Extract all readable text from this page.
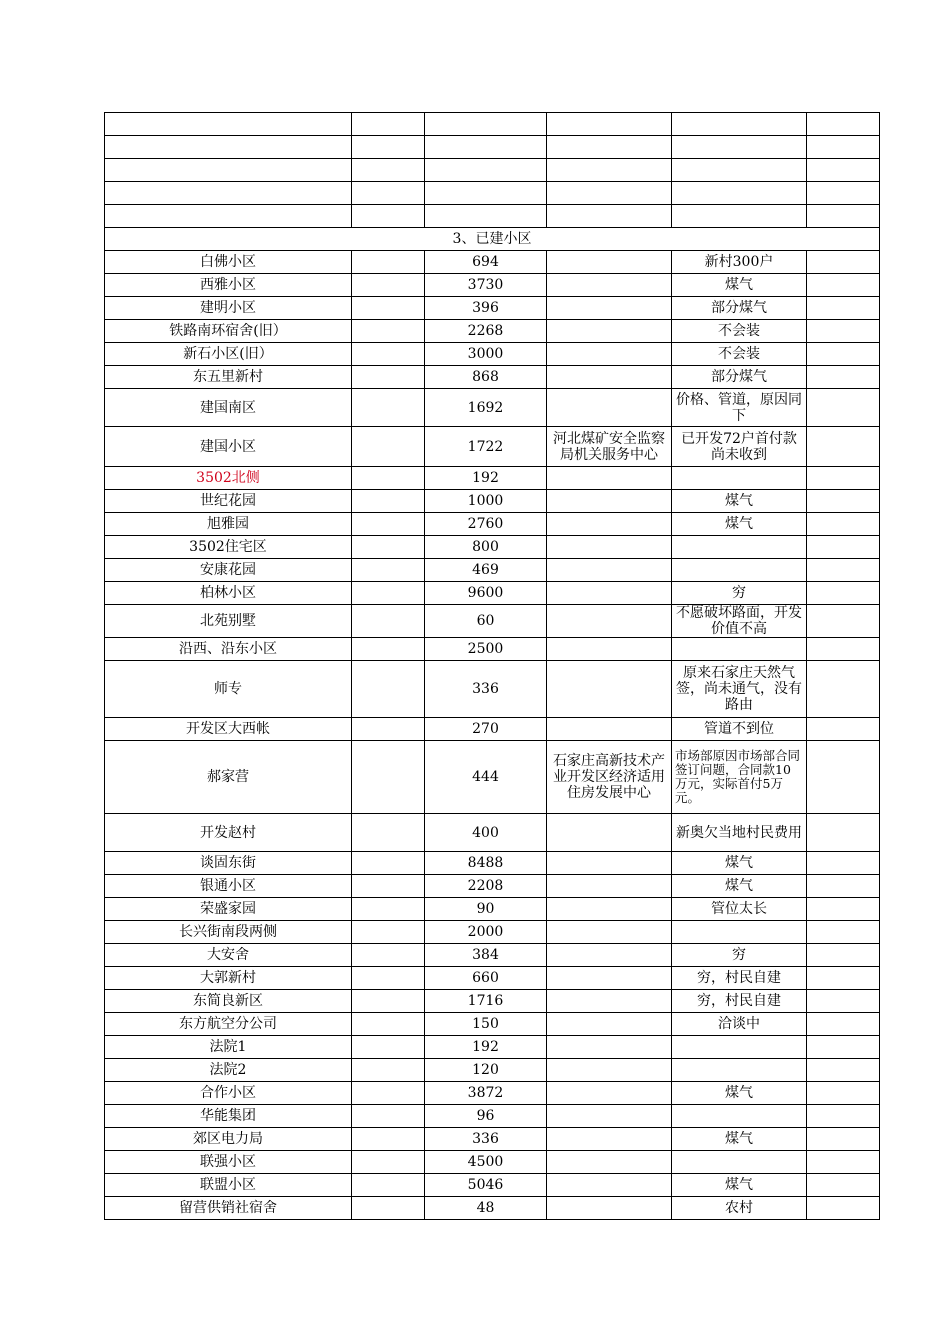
3、已建小区					
白佛小区		694		新村300户	
西雅小区		3730		煤气	
建明小区		396		部分煤气	
铁路南环宿舍(旧）		2268		不会装	
新石小区(旧）		3000		不会装	
东五里新村		868		部分煤气	
建国南区		1692		价格、管道，原因同下	
建国小区		1722	河北煤矿安全监察局机关服务中心	已开发72户首付款尚未收到	
3502北侧		192			
世纪花园		1000		煤气	
旭雅园		2760		煤气	
3502住宅区		800			
安康花园		469			
柏林小区		9600		穷	
北苑别墅		60		不愿破坏路面，开发价值不高	
沿西、沿东小区		2500			
师专		336		原来石家庄天然气签，尚未通气，没有路由	
开发区大西帐		270		管道不到位	
郝家营		444	石家庄高新技术产业开发区经济适用住房发展中心	市场部原因市场部合同签订问题，合同款10万元，实际首付5万元。	
开发赵村		400		新奥欠当地村民费用	
谈固东街		8488		煤气	
银通小区		2208		煤气	
荣盛家园		90		管位太长	
长兴街南段两侧		2000			
大安舍		384		穷	
大郭新村		660		穷，村民自建	
东简良新区		1716		穷，村民自建	
东方航空分公司		150		洽谈中	
法院1		192			
法院2		120			
合作小区		3872		煤气	
华能集团		96			
郊区电力局		336		煤气	
联强小区		4500			
联盟小区		5046		煤气	
留营供销社宿舍		48		农村	
